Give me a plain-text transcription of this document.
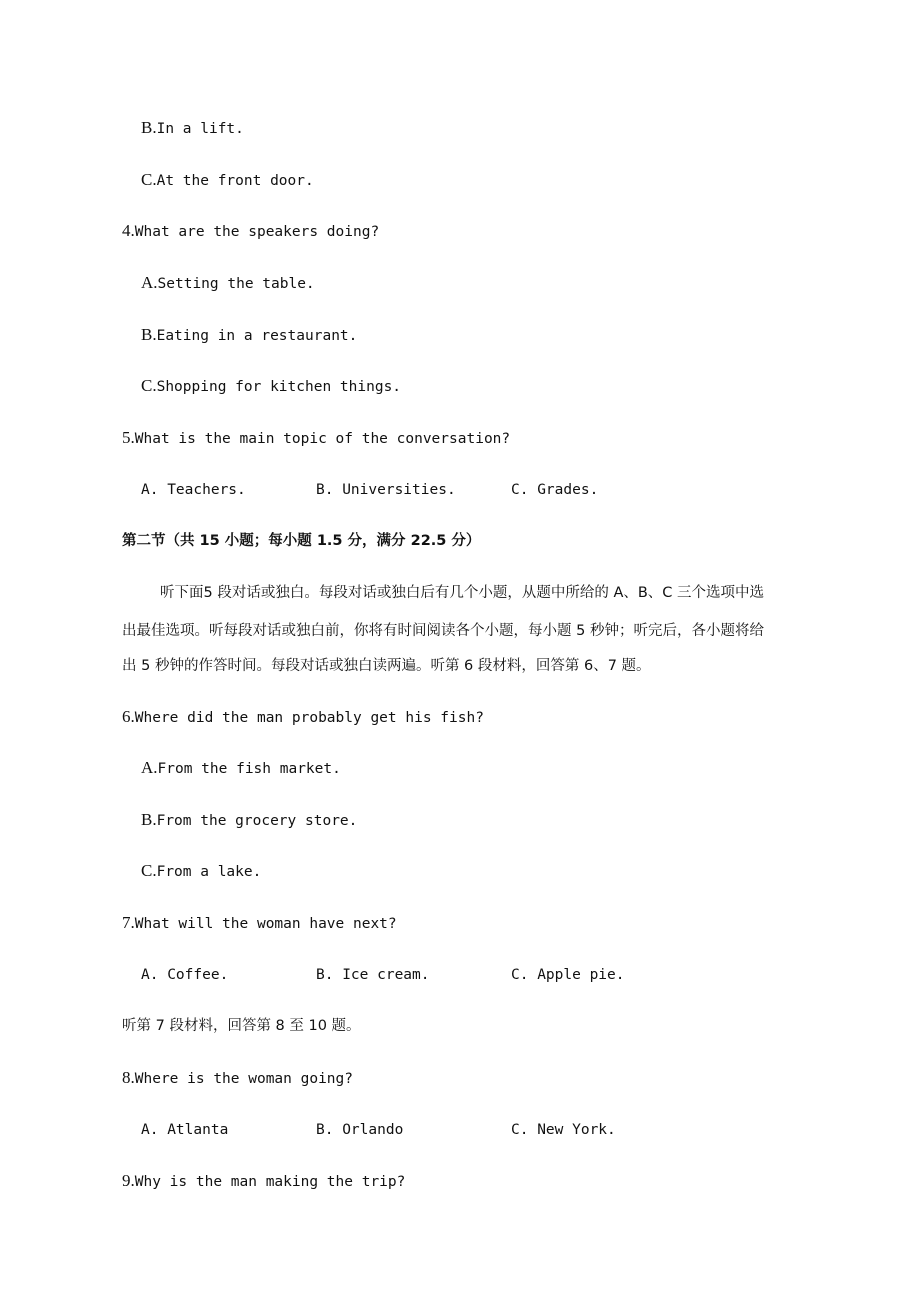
B.In a lift.
C.At the front door.
4.What are the speakers doing?
A.Setting the table.
B.Eating in a restaurant.
C.Shopping for kitchen things.
5.What is the main topic of the conversation?
A. Teachers.	B. Universities.	C. Grades.
第二节（共 15 小题；每小题 1.5 分，满分 22.5 分）
听下面5 段对话或独白。每段对话或独白后有几个小题，从题中所给的 A、B、C 三个选项中选
出最佳选项。听每段对话或独白前，你将有时间阅读各个小题，每小题 5 秒钟；听完后，各小题将给
出 5 秒钟的作答时间。每段对话或独白读两遍。听第 6 段材料，回答第 6、7 题。
6.Where did the man probably get his fish?
A.From the fish market.
B.From the grocery store.
C.From a lake.
7.What will the woman have next?
A. Coffee.	B. Ice cream.	C. Apple pie.
听第 7 段材料，回答第 8 至 10 题。
8.Where is the woman going?
A. Atlanta	B. Orlando	C. New York.
9.Why is the man making the trip?
